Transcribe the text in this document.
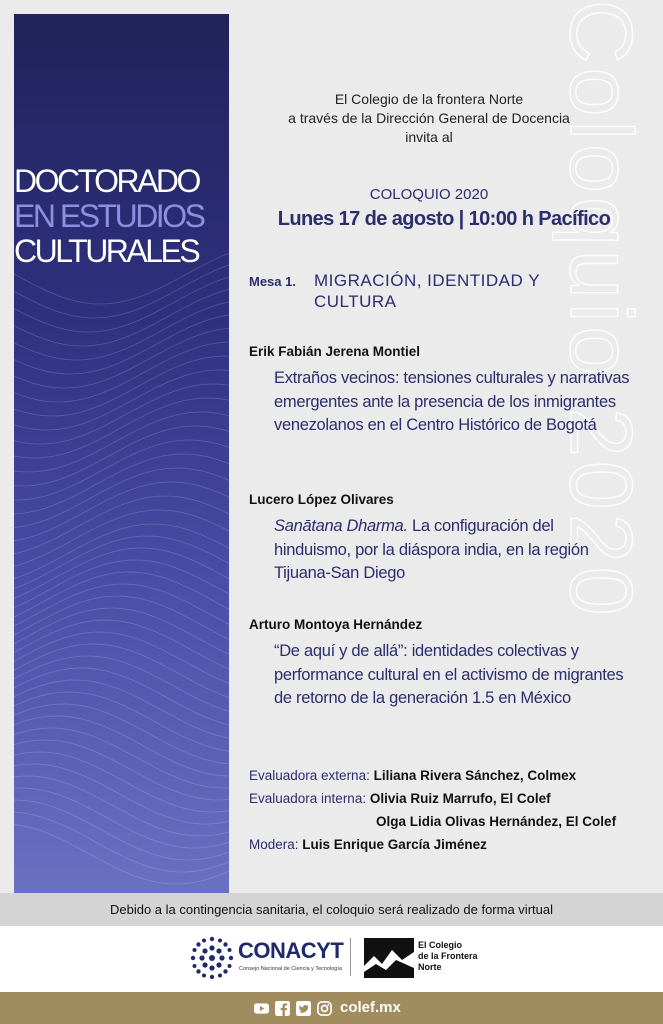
Coloquio 2020
DOCTORADO
EN ESTUDIOS
CULTURALES
El Colegio de la frontera Norte
a través de la Dirección General de Docencia
invita al
COLOQUIO 2020
Lunes 17 de agosto | 10:00 h Pacífico
Mesa 1. MIGRACIÓN, IDENTIDAD Y CULTURA
Erik Fabián Jerena Montiel
Extraños vecinos: tensiones culturales y narrativas emergentes ante la presencia de los inmigrantes venezolanos en el Centro Histórico de Bogotá
Lucero López Olivares
Sanātana Dharma. La configuración del hinduismo, por la diáspora india, en la región Tijuana-San Diego
Arturo Montoya Hernández
“De aquí y de allá”: identidades colectivas y performance cultural en el activismo de migrantes de retorno de la generación 1.5 en México
Evaluadora externa: Liliana Rivera Sánchez, Colmex
Evaluadora interna: Olivia Ruiz Marrufo, El Colef
Olga Lidia Olivas Hernández, El Colef
Modera: Luis Enrique García Jiménez
Debido a la contingencia sanitaria, el coloquio será realizado de forma virtual
CONACYT
Consejo Nacional de Ciencia y Tecnología
El Colegio
de la Frontera
Norte
colef.mx
